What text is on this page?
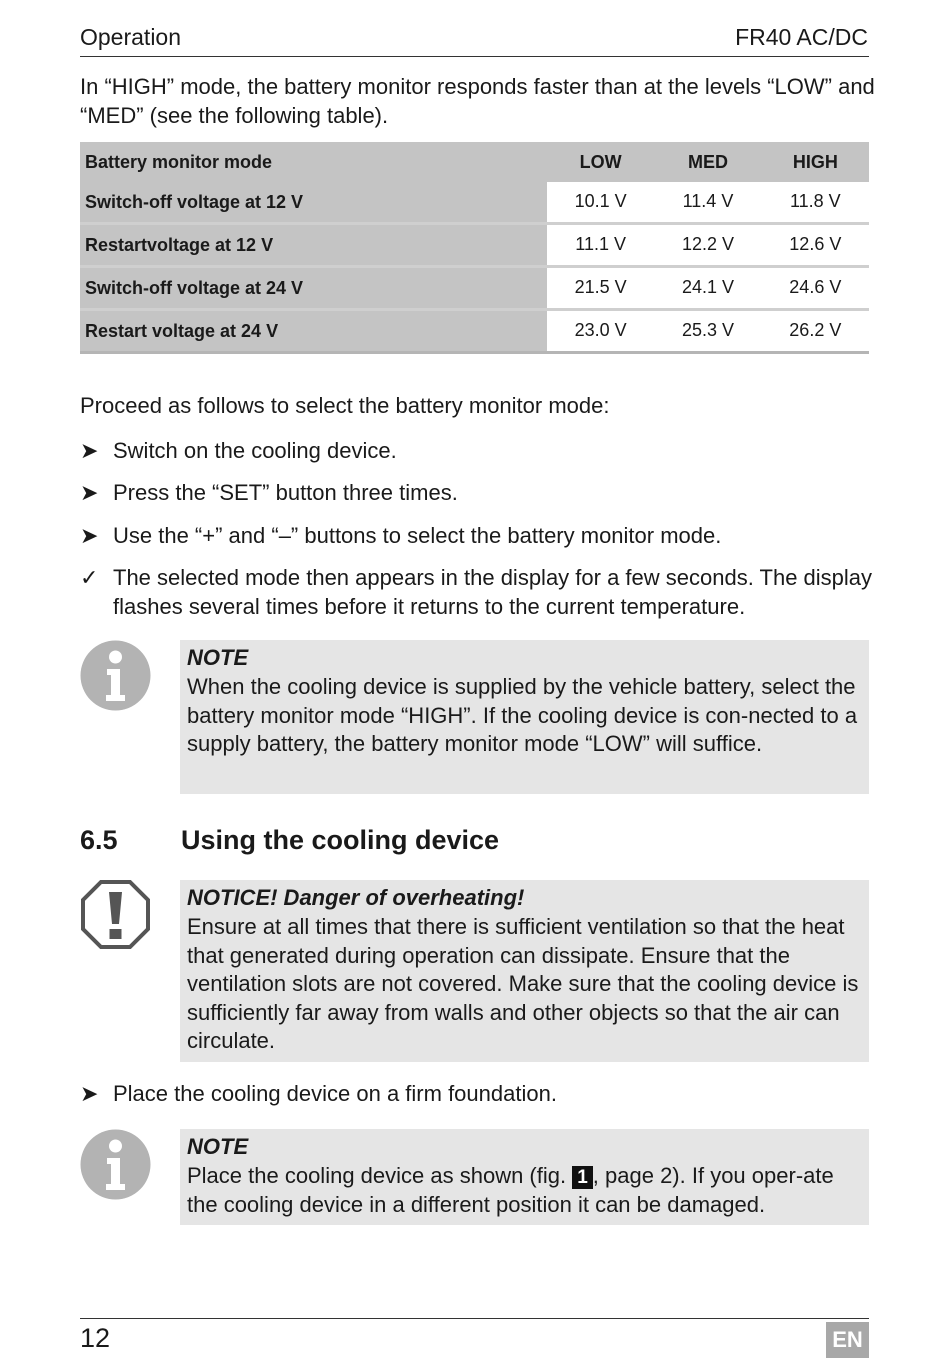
Operation	FR40 AC/DC
In “HIGH” mode, the battery monitor responds faster than at the levels “LOW” and “MED” (see the following table).
Battery monitor mode	LOW	MED	HIGH
Switch-off voltage at 12 V	10.1 V	11.4 V	11.8 V
Restartvoltage at 12 V	11.1 V	12.2 V	12.6 V
Switch-off voltage at 24 V	21.5 V	24.1 V	24.6 V
Restart voltage at 24 V	23.0 V	25.3 V	26.2 V
Proceed as follows to select the battery monitor mode:
➤ Switch on the cooling device.
➤ Press the “SET” button three times.
➤ Use the “+” and “–” buttons to select the battery monitor mode.
✓ The selected mode then appears in the display for a few seconds. The display flashes several times before it returns to the current temperature.
NOTE
When the cooling device is supplied by the vehicle battery, select the battery monitor mode “HIGH”. If the cooling device is con-nected to a supply battery, the battery monitor mode “LOW” will suffice.
6.5 Using the cooling device
NOTICE! Danger of overheating!
Ensure at all times that there is sufficient ventilation so that the heat that generated during operation can dissipate. Ensure that the ventilation slots are not covered. Make sure that the cooling device is sufficiently far away from walls and other objects so that the air can circulate.
➤ Place the cooling device on a firm foundation.
NOTE
Place the cooling device as shown (fig. 1 , page 2). If you oper-ate the cooling device in a different position it can be damaged.
12	EN
